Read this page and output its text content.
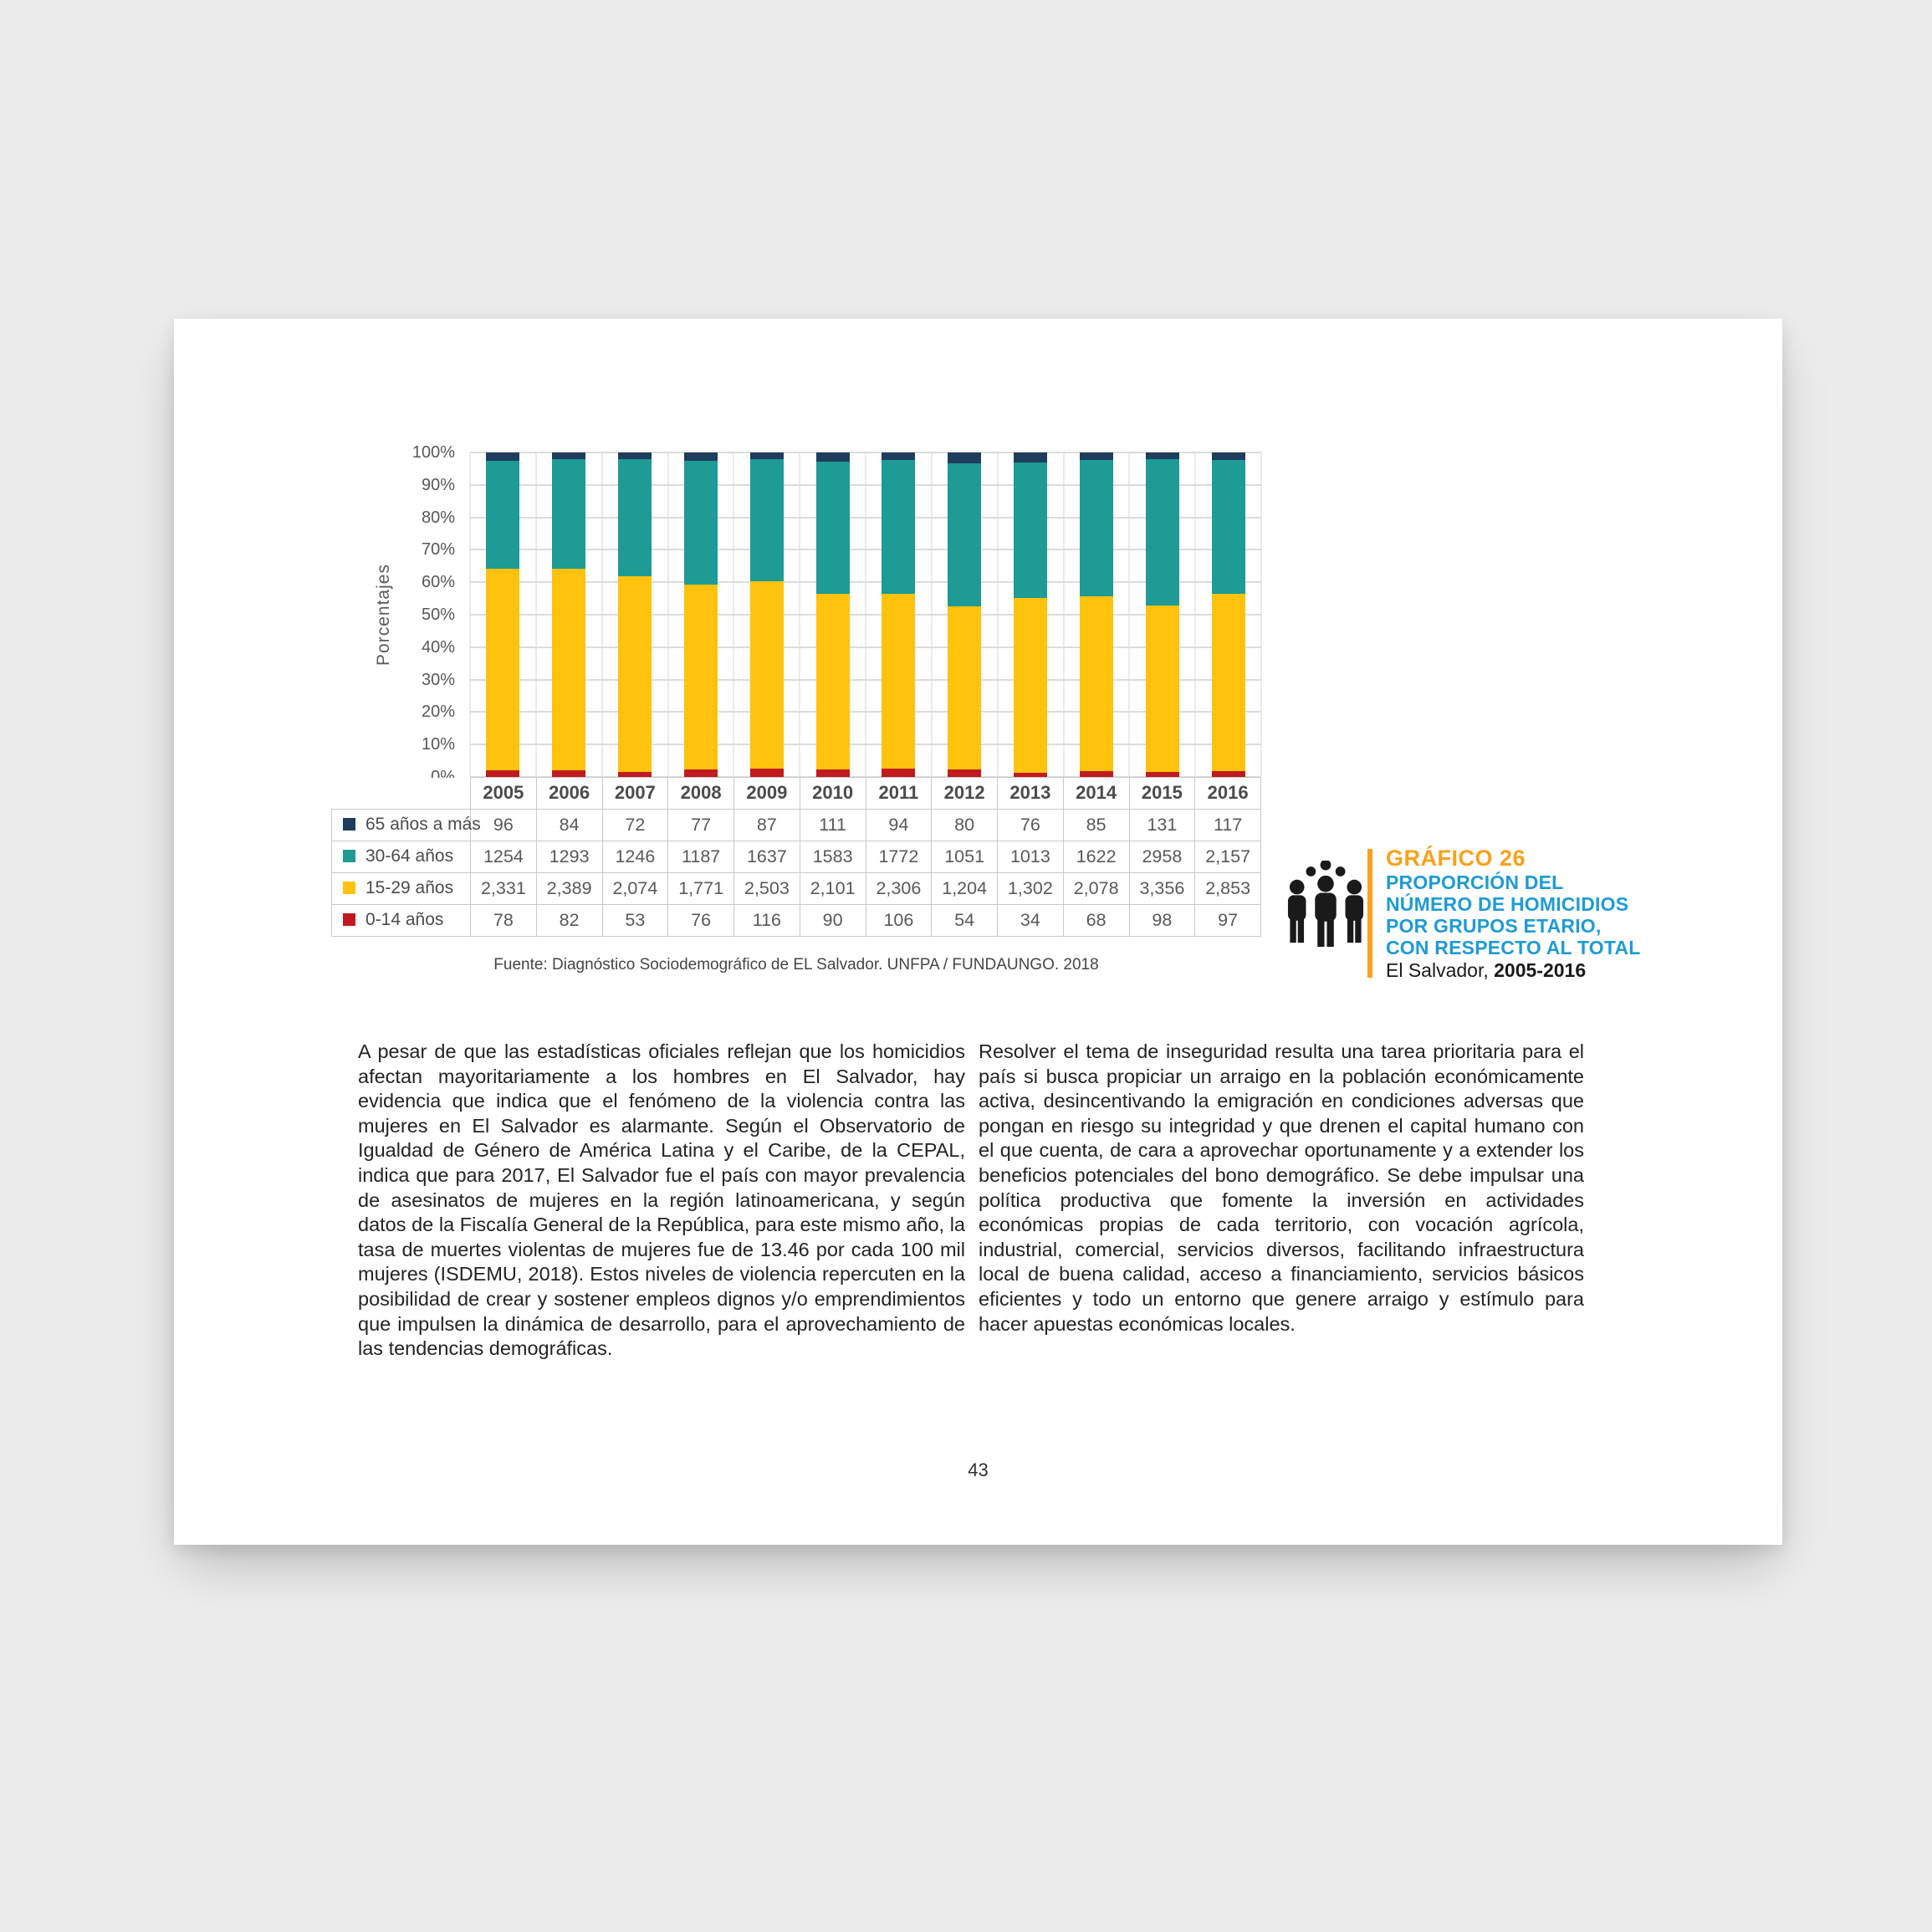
Porcentajes
100%
90%
80%
70%
60%
50%
40%
30%
20%
10%
	2005	2006	2007	2008	2009	2010	2011	2012	2013	2014	2015	2016
65 años a más	96	84	72	77	87	111	94	80	76	85	131	117
30-64 años	1254	1293	1246	1187	1637	1583	1772	1051	1013	1622	2958	2,157
15-29 años	2,331	2,389	2,074	1,771	2,503	2,101	2,306	1,204	1,302	2,078	3,356	2,853
0-14 años	78	82	53	76	116	90	106	54	34	68	98	97
Fuente: Diagnóstico Sociodemográfico de EL Salvador. UNFPA / FUNDAUNGO. 2018
GRÁFICO 26
PROPORCIÓN DEL
NÚMERO DE HOMICIDIOS
POR GRUPOS ETARIO,
CON RESPECTO AL TOTAL
El Salvador, 2005-2016
A pesar de que las estadísticas oficiales reflejan que los homicidios afectan mayoritariamente a los hombres en El Salvador, hay evidencia que indica que el fenómeno de la violencia contra las mujeres en El Salvador es alarmante. Según el Observatorio de Igualdad de Género de América Latina y el Caribe, de la CEPAL, indica que para 2017, El Salvador fue el país con mayor prevalencia de asesinatos de mujeres en la región latinoamericana, y según datos de la Fiscalía General de la República, para este mismo año, la tasa de muertes violentas de mujeres fue de 13.46 por cada 100 mil mujeres (ISDEMU, 2018). Estos niveles de violencia repercuten en la posibilidad de crear y sostener empleos dignos y/o emprendimientos que impulsen la dinámica de desarrollo, para el aprovechamiento de las tendencias demográficas.
Resolver el tema de inseguridad resulta una tarea prioritaria para el país si busca propiciar un arraigo en la población económicamente activa, desincentivando la emigración en condiciones adversas que pongan en riesgo su integridad y que drenen el capital humano con el que cuenta, de cara a aprovechar oportunamente y a extender los beneficios potenciales del bono demográfico. Se debe impulsar una política productiva que fomente la inversión en actividades económicas propias de cada territorio, con vocación agrícola, industrial, comercial, servicios diversos, facilitando infraestructura local de buena calidad, acceso a financiamiento, servicios básicos eficientes y todo un entorno que genere arraigo y estímulo para hacer apuestas económicas locales.
43
